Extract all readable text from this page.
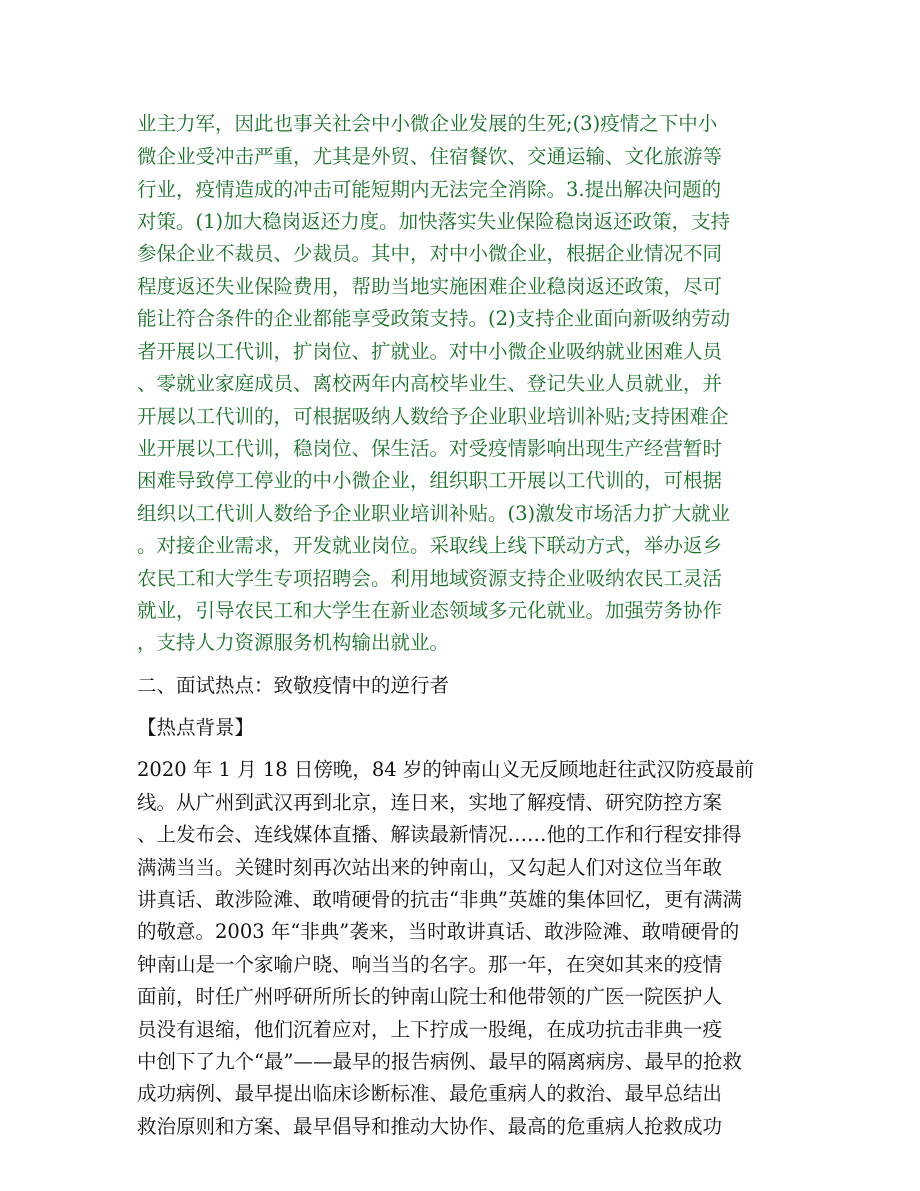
业主力军，因此也事关社会中小微企业发展的生死;(3)疫情之下中小
微企业受冲击严重，尤其是外贸、住宿餐饮、交通运输、文化旅游等
行业，疫情造成的冲击可能短期内无法完全消除。3.提出解决问题的
对策。(1)加大稳岗返还力度。加快落实失业保险稳岗返还政策，支持
参保企业不裁员、少裁员。其中，对中小微企业，根据企业情况不同
程度返还失业保险费用，帮助当地实施困难企业稳岗返还政策，尽可
能让符合条件的企业都能享受政策支持。(2)支持企业面向新吸纳劳动
者开展以工代训，扩岗位、扩就业。对中小微企业吸纳就业困难人员
、零就业家庭成员、离校两年内高校毕业生、登记失业人员就业，并
开展以工代训的，可根据吸纳人数给予企业职业培训补贴;支持困难企
业开展以工代训，稳岗位、保生活。对受疫情影响出现生产经营暂时
困难导致停工停业的中小微企业，组织职工开展以工代训的，可根据
组织以工代训人数给予企业职业培训补贴。(3)激发市场活力扩大就业
。对接企业需求，开发就业岗位。采取线上线下联动方式，举办返乡
农民工和大学生专项招聘会。利用地域资源支持企业吸纳农民工灵活
就业，引导农民工和大学生在新业态领域多元化就业。加强劳务协作
，支持人力资源服务机构输出就业。
二、面试热点：致敬疫情中的逆行者
【热点背景】
2020 年 1 月 18 日傍晚，84 岁的钟南山义无反顾地赶往武汉防疫最前
线。从广州到武汉再到北京，连日来，实地了解疫情、研究防控方案
、上发布会、连线媒体直播、解读最新情况……他的工作和行程安排得
满满当当。关键时刻再次站出来的钟南山，又勾起人们对这位当年敢
讲真话、敢涉险滩、敢啃硬骨的抗击“非典”英雄的集体回忆，更有满满
的敬意。2003 年“非典”袭来，当时敢讲真话、敢涉险滩、敢啃硬骨的
钟南山是一个家喻户晓、响当当的名字。那一年，在突如其来的疫情
面前，时任广州呼研所所长的钟南山院士和他带领的广医一院医护人
员没有退缩，他们沉着应对，上下拧成一股绳，在成功抗击非典一疫
中创下了九个“最”——最早的报告病例、最早的隔离病房、最早的抢救
成功病例、最早提出临床诊断标准、最危重病人的救治、最早总结出
救治原则和方案、最早倡导和推动大协作、最高的危重病人抢救成功
